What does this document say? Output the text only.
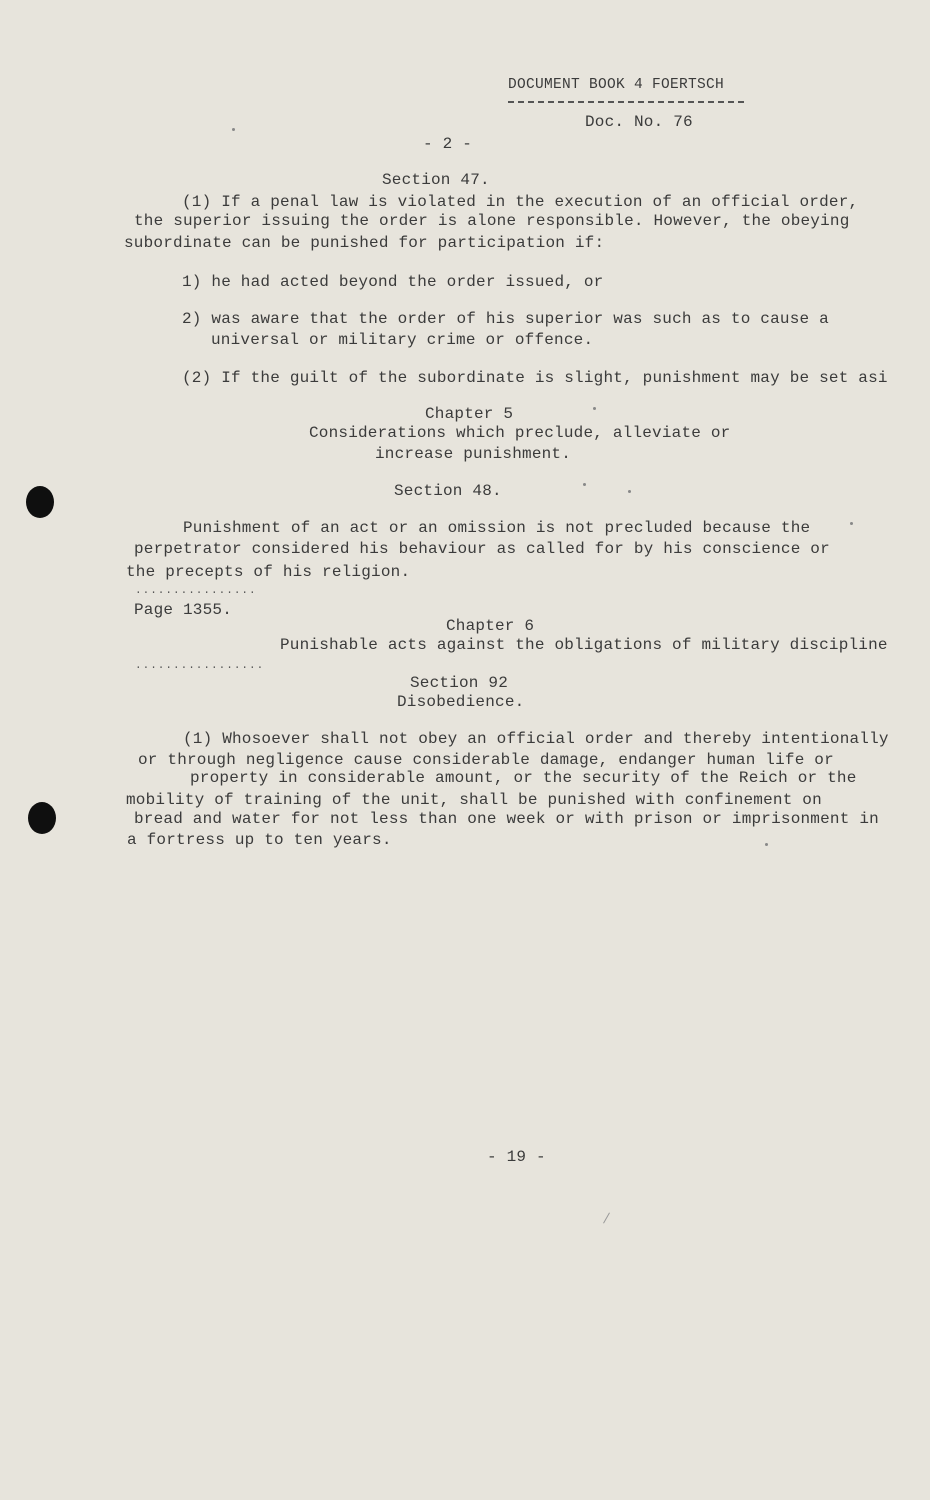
DOCUMENT BOOK 4 FOERTSCH
Doc. No. 76
- 2 -
Section 47.
(1) If a penal law is violated in the execution of an official order,
the superior issuing the order is alone responsible. However, the obeying
subordinate can be punished for participation if:
1) he had acted beyond the order issued, or
2) was aware that the order of his superior was such as to cause a
universal or military crime or offence.
(2) If the guilt of the subordinate is slight, punishment may be set asi
Chapter 5
Considerations which preclude, alleviate or
increase punishment.
Section 48.
Punishment of an act or an omission is not precluded because the
perpetrator considered his behaviour as called for by his conscience or
the precepts of his religion.
................
Page 1355.
Chapter 6
Punishable acts against the obligations of military discipline
.................
Section 92
Disobedience.
(1) Whosoever shall not obey an official order and thereby intentionally
or through negligence cause considerable damage, endanger human life or
property in considerable amount, or the security of the Reich or the
mobility of training of the unit, shall be punished with confinement on
bread and water for not less than one week or with prison or imprisonment in
a fortress up to ten years.
- 19 -
